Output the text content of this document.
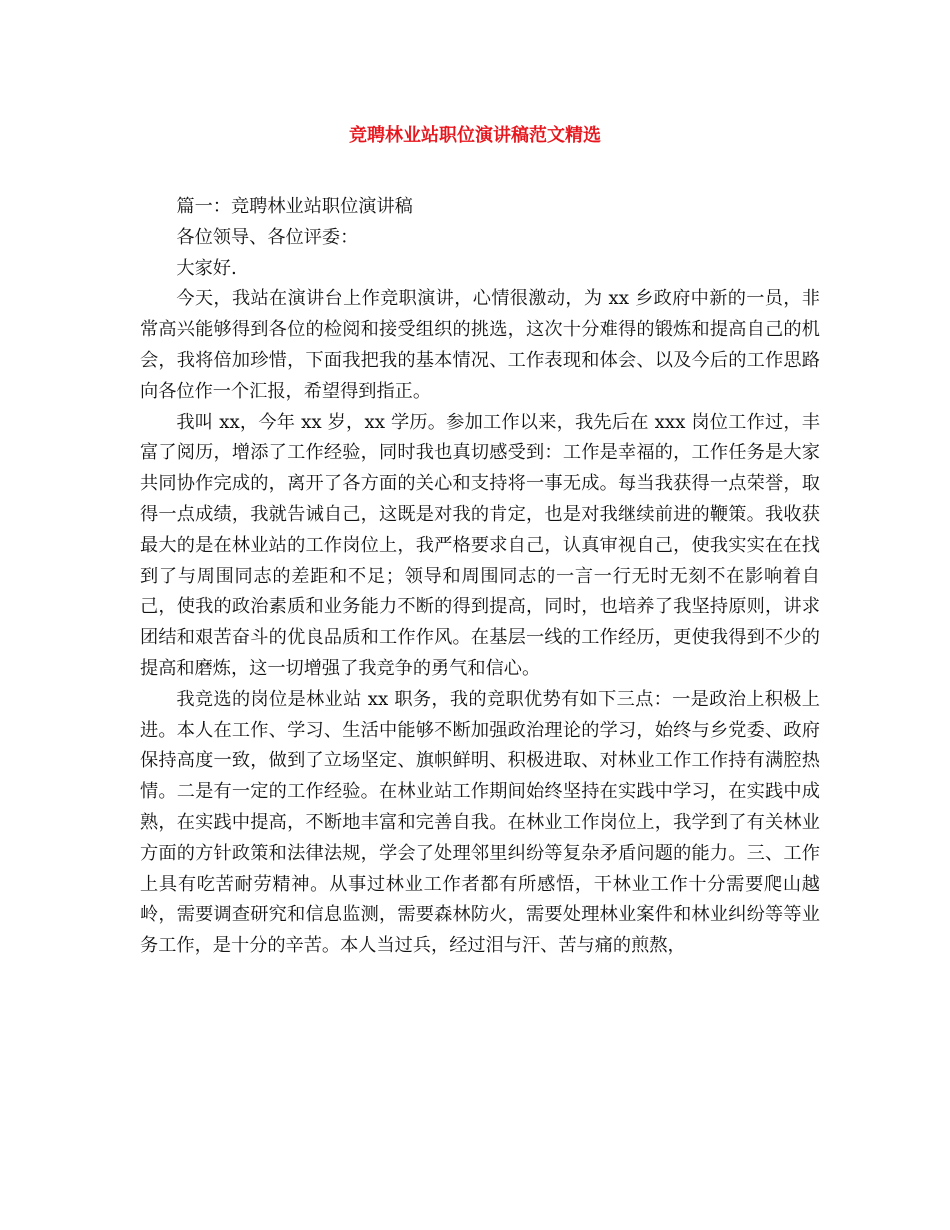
竞聘林业站职位演讲稿范文精选

篇一：竞聘林业站职位演讲稿

各位领导、各位评委：

大家好.

今天，我站在演讲台上作竞职演讲，心情很激动，为 xx 乡政府中新的一员，非常高兴能够得到各位的检阅和接受组织的挑选，这次十分难得的锻炼和提高自己的机会，我将倍加珍惜，下面我把我的基本情况、工作表现和体会、以及今后的工作思路向各位作一个汇报，希望得到指正。

我叫 xx，今年 xx 岁，xx 学历。参加工作以来，我先后在 xxx 岗位工作过，丰富了阅历，增添了工作经验，同时我也真切感受到：工作是幸福的，工作任务是大家共同协作完成的，离开了各方面的关心和支持将一事无成。每当我获得一点荣誉，取得一点成绩，我就告诫自己，这既是对我的肯定，也是对我继续前进的鞭策。我收获最大的是在林业站的工作岗位上，我严格要求自己，认真审视自己，使我实实在在找到了与周围同志的差距和不足；领导和周围同志的一言一行无时无刻不在影响着自己，使我的政治素质和业务能力不断的得到提高，同时，也培养了我坚持原则，讲求团结和艰苦奋斗的优良品质和工作作风。在基层一线的工作经历，更使我得到不少的提高和磨炼，这一切增强了我竞争的勇气和信心。

我竞选的岗位是林业站 xx 职务，我的竞职优势有如下三点：一是政治上积极上进。本人在工作、学习、生活中能够不断加强政治理论的学习，始终与乡党委、政府保持高度一致，做到了立场坚定、旗帜鲜明、积极进取、对林业工作工作持有满腔热情。二是有一定的工作经验。在林业站工作期间始终坚持在实践中学习，在实践中成熟，在实践中提高，不断地丰富和完善自我。在林业工作岗位上，我学到了有关林业方面的方针政策和法律法规，学会了处理邻里纠纷等复杂矛盾问题的能力。三、工作上具有吃苦耐劳精神。从事过林业工作者都有所感悟，干林业工作十分需要爬山越岭，需要调查研究和信息监测，需要森林防火，需要处理林业案件和林业纠纷等等业务工作，是十分的辛苦。本人当过兵，经过泪与汗、苦与痛的煎熬，
